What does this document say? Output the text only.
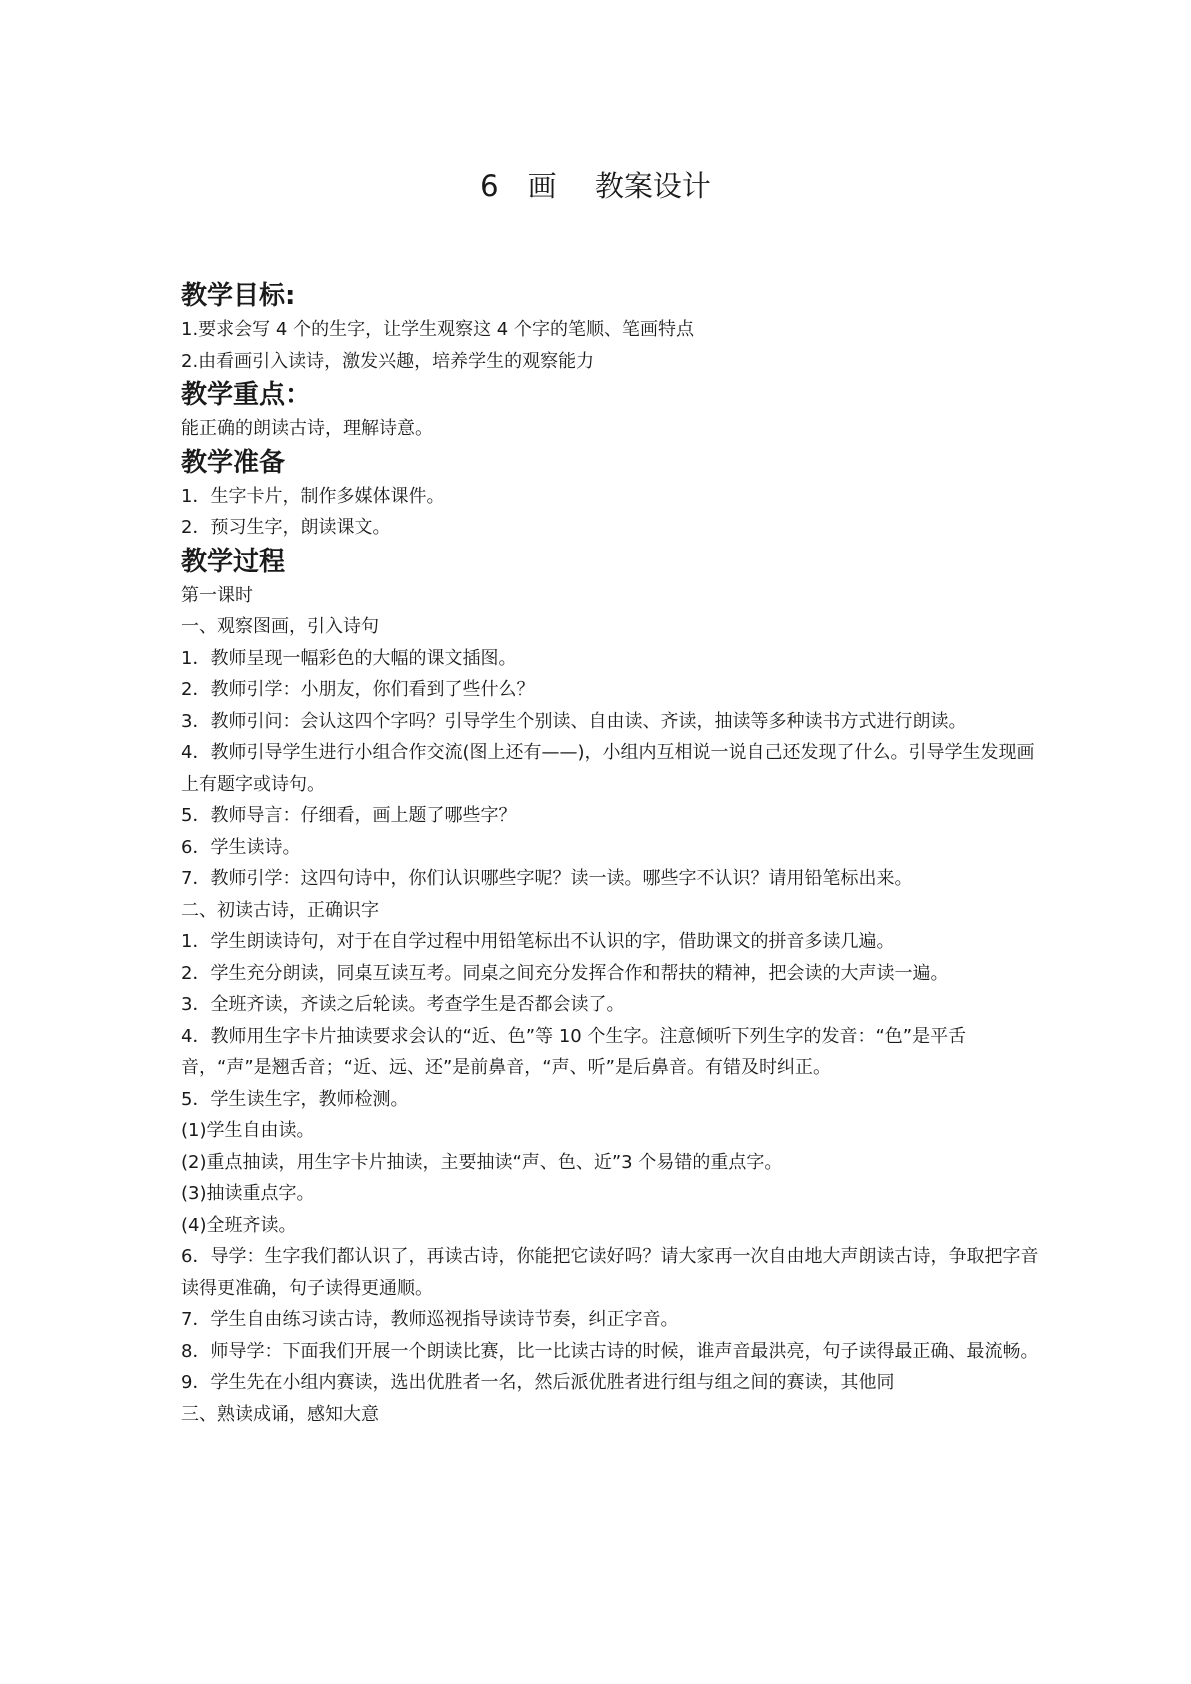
6　画　 教案设计
教学目标:
1.要求会写 4 个的生字，让学生观察这 4 个字的笔顺、笔画特点
2.由看画引入读诗，激发兴趣，培养学生的观察能力
教学重点：
能正确的朗读古诗，理解诗意。
教学准备
1．生字卡片，制作多媒体课件。
2．预习生字，朗读课文。
教学过程
第一课时
一、观察图画，引入诗句
1．教师呈现一幅彩色的大幅的课文插图。
2．教师引学：小朋友，你们看到了些什么？
3．教师引问：会认这四个字吗？引导学生个别读、自由读、齐读，抽读等多种读书方式进行朗读。
4．教师引导学生进行小组合作交流(图上还有——)，小组内互相说一说自己还发现了什么。引导学生发现画上有题字或诗句。
5．教师导言：仔细看，画上题了哪些字？
6．学生读诗。
7．教师引学：这四句诗中，你们认识哪些字呢？读一读。哪些字不认识？请用铅笔标出来。
二、初读古诗，正确识字
1．学生朗读诗句，对于在自学过程中用铅笔标出不认识的字，借助课文的拼音多读几遍。
2．学生充分朗读，同桌互读互考。同桌之间充分发挥合作和帮扶的精神，把会读的大声读一遍。
3．全班齐读，齐读之后轮读。考查学生是否都会读了。
4．教师用生字卡片抽读要求会认的“近、色”等 10 个生字。注意倾听下列生字的发音：“色”是平舌音，“声”是翘舌音；“近、远、还”是前鼻音，“声、听”是后鼻音。有错及时纠正。
5．学生读生字，教师检测。
(1)学生自由读。
(2)重点抽读，用生字卡片抽读，主要抽读“声、色、近”3 个易错的重点字。
(3)抽读重点字。
(4)全班齐读。
6．导学：生字我们都认识了，再读古诗，你能把它读好吗？请大家再一次自由地大声朗读古诗，争取把字音读得更准确，句子读得更通顺。
7．学生自由练习读古诗，教师巡视指导读诗节奏，纠正字音。
8．师导学：下面我们开展一个朗读比赛，比一比读古诗的时候，谁声音最洪亮，句子读得最正确、最流畅。
9．学生先在小组内赛读，选出优胜者一名，然后派优胜者进行组与组之间的赛读，其他同
三、熟读成诵，感知大意
